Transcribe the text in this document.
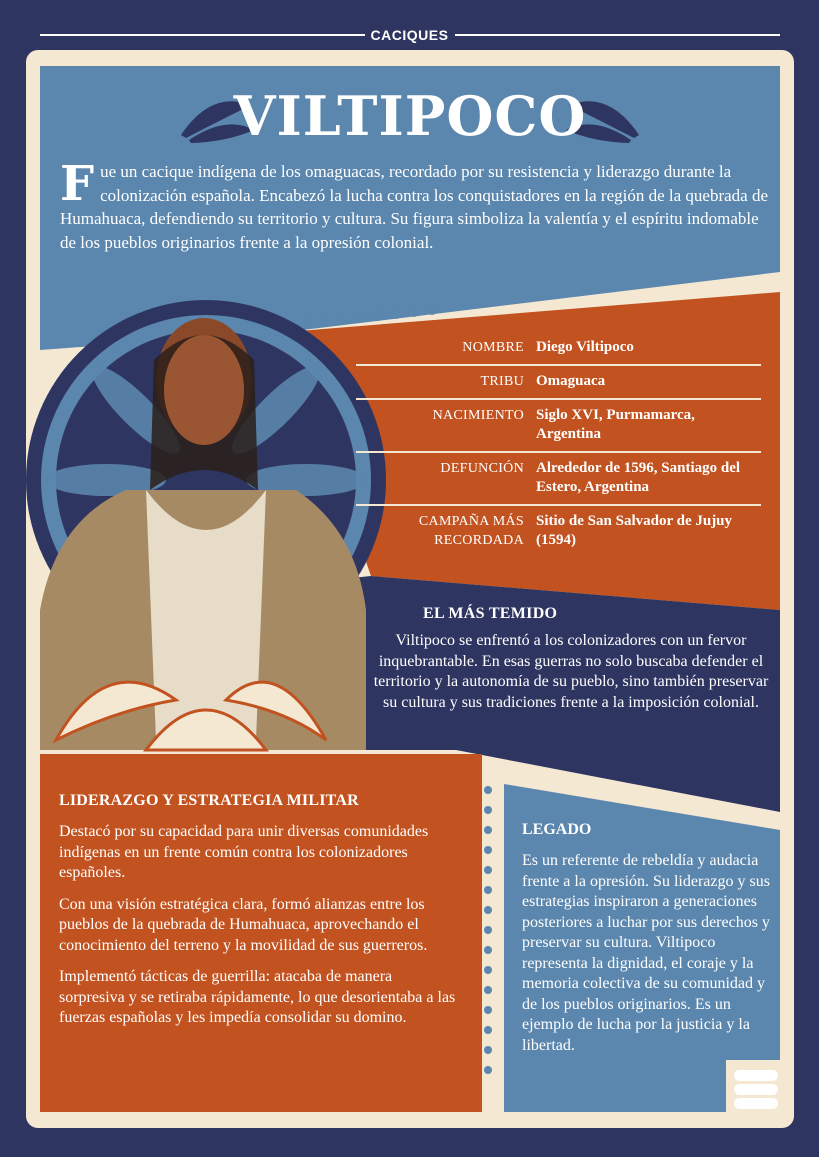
CACIQUES
VILTIPOCO
F ue un cacique indígena de los omaguacas, recordado por su resistencia y liderazgo durante la colonización española. Encabezó la lucha contra los conquistadores en la región de la quebrada de Humahuaca, defendiendo su territorio y cultura. Su figura simboliza la valentía y el espíritu indomable de los pueblos originarios frente a la opresión colonial.
NOMBRE Diego Viltipoco
TRIBU Omaguaca
NACIMIENTO Siglo XVI, Purmamarca, Argentina
DEFUNCIÓN Alrededor de 1596, Santiago del Estero, Argentina
CAMPAÑA MÁS RECORDADA
Sitio de San Salvador de Jujuy (1594)
EL MÁS TEMIDO

Viltipoco se enfrentó a los colonizadores con un fervor inquebrantable. En esas guerras no solo buscaba defender el territorio y la autonomía de su pueblo, sino también preservar su cultura y sus tradiciones frente a la imposición colonial.

LIDERAZGO Y ESTRATEGIA MILITAR

Destacó por su capacidad para unir diversas comunidades indígenas en un frente común contra los colonizadores españoles.

Con una visión estratégica clara, formó alianzas entre los pueblos de la quebrada de Humahuaca, aprovechando el conocimiento del terreno y la movilidad de sus guerreros.

Implementó tácticas de guerrilla: atacaba de manera sorpresiva y se retiraba rápidamente, lo que desorientaba a las fuerzas españolas y les impedía consolidar su domino.

LEGADO

Es un referente de rebeldía y audacia frente a la opresión. Su liderazgo y sus estrategias inspiraron a generaciones posteriores a luchar por sus derechos y preservar su cultura. Viltipoco representa la dignidad, el coraje y la memoria colectiva de su comunidad y de los pueblos originarios. Es un ejemplo de lucha por la justicia y la libertad.
